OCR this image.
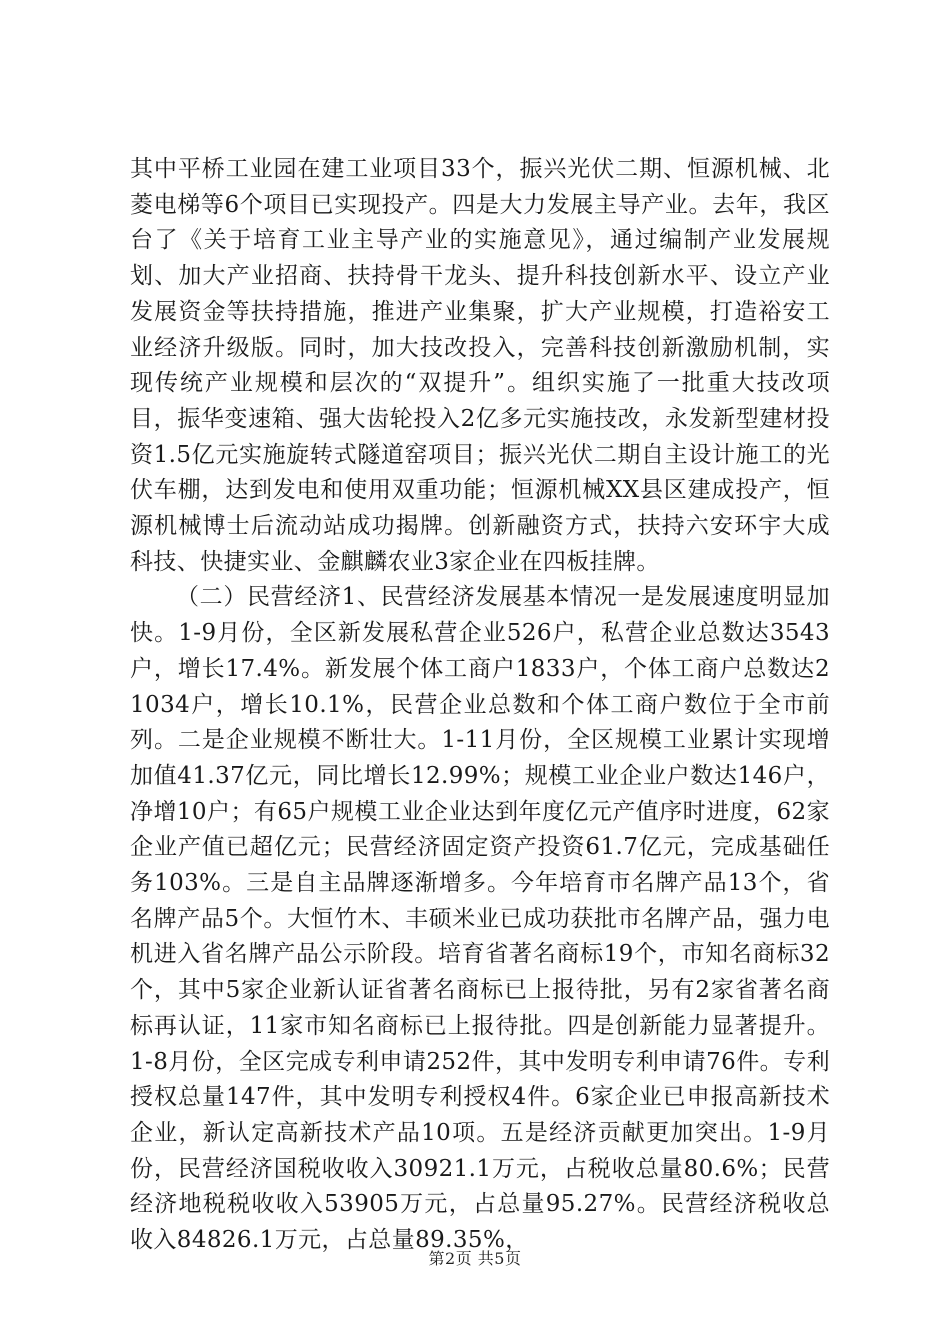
其中平桥工业园在建工业项目33个，振兴光伏二期、恒源机械、北菱电梯等6个项目已实现投产。四是大力发展主导产业。去年，我区台了《关于培育工业主导产业的实施意见》，通过编制产业发展规划、加大产业招商、扶持骨干龙头、提升科技创新水平、设立产业发展资金等扶持措施，推进产业集聚，扩大产业规模，打造裕安工业经济升级版。同时，加大技改投入，完善科技创新激励机制，实现传统产业规模和层次的“双提升”。组织实施了一批重大技改项目，振华变速箱、强大齿轮投入2亿多元实施技改，永发新型建材投资1.5亿元实施旋转式隧道窑项目；振兴光伏二期自主设计施工的光伏车棚，达到发电和使用双重功能；恒源机械XX县区建成投产，恒源机械博士后流动站成功揭牌。创新融资方式，扶持六安环宇大成科技、快捷实业、金麒麟农业3家企业在四板挂牌。

（二）民营经济1、民营经济发展基本情况一是发展速度明显加快。1-9月份，全区新发展私营企业526户，私营企业总数达3543户，增长17.4%。新发展个体工商户1833户，个体工商户总数达21034户，增长10.1%，民营企业总数和个体工商户数位于全市前列。二是企业规模不断壮大。1-11月份，全区规模工业累计实现增加值41.37亿元，同比增长12.99%；规模工业企业户数达146户，净增10户；有65户规模工业企业达到年度亿元产值序时进度，62家企业产值已超亿元；民营经济固定资产投资61.7亿元，完成基础任务103%。三是自主品牌逐渐增多。今年培育市名牌产品13个，省名牌产品5个。大恒竹木、丰硕米业已成功获批市名牌产品，强力电机进入省名牌产品公示阶段。培育省著名商标19个，市知名商标32个，其中5家企业新认证省著名商标已上报待批，另有2家省著名商标再认证，11家市知名商标已上报待批。四是创新能力显著提升。1-8月份，全区完成专利申请252件，其中发明专利申请76件。专利授权总量147件，其中发明专利授权4件。6家企业已申报高新技术企业，新认定高新技术产品10项。五是经济贡献更加突出。1-9月份，民营经济国税收收入30921.1万元，占税收总量80.6%；民营经济地税税收收入53905万元，占总量95.27%。民营经济税收总收入84826.1万元，占总量89.35%，

第2页 共5页
